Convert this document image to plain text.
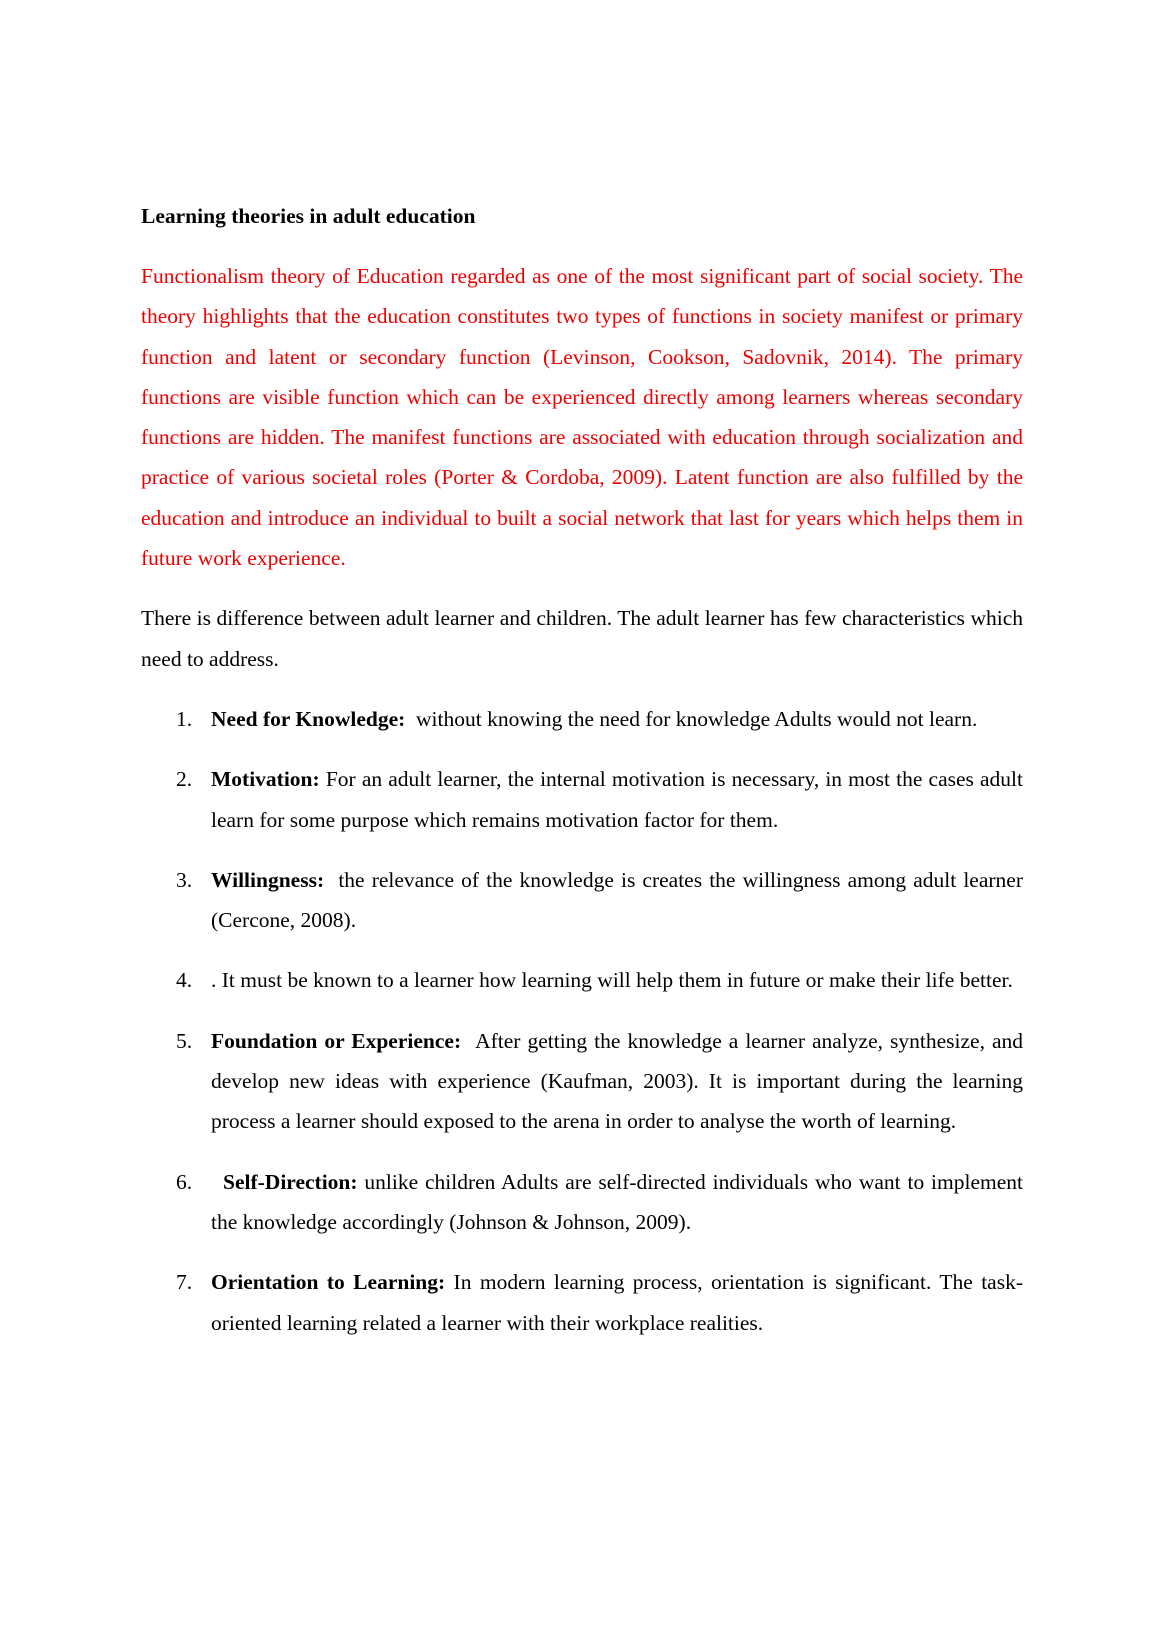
Learning theories in adult education

Functionalism theory of Education regarded as one of the most significant part of social society. The theory highlights that the education constitutes two types of functions in society manifest or primary function and latent or secondary function (Levinson, Cookson, Sadovnik, 2014). The primary functions are visible function which can be experienced directly among learners whereas secondary functions are hidden. The manifest functions are associated with education through socialization and practice of various societal roles (Porter & Cordoba, 2009). Latent function are also fulfilled by the education and introduce an individual to built a social network that last for years which helps them in future work experience.

There is difference between adult learner and children. The adult learner has few characteristics which need to address.

1. Need for Knowledge: without knowing the need for knowledge Adults would not learn.
2. Motivation: For an adult learner, the internal motivation is necessary, in most the cases adult learn for some purpose which remains motivation factor for them.
3. Willingness: the relevance of the knowledge is creates the willingness among adult learner (Cercone, 2008).
4. . It must be known to a learner how learning will help them in future or make their life better.
5. Foundation or Experience: After getting the knowledge a learner analyze, synthesize, and develop new ideas with experience (Kaufman, 2003). It is important during the learning process a learner should exposed to the arena in order to analyse the worth of learning.
6. Self-Direction: unlike children Adults are self-directed individuals who want to implement the knowledge accordingly (Johnson & Johnson, 2009).
7. Orientation to Learning: In modern learning process, orientation is significant. The task-oriented learning related a learner with their workplace realities.
